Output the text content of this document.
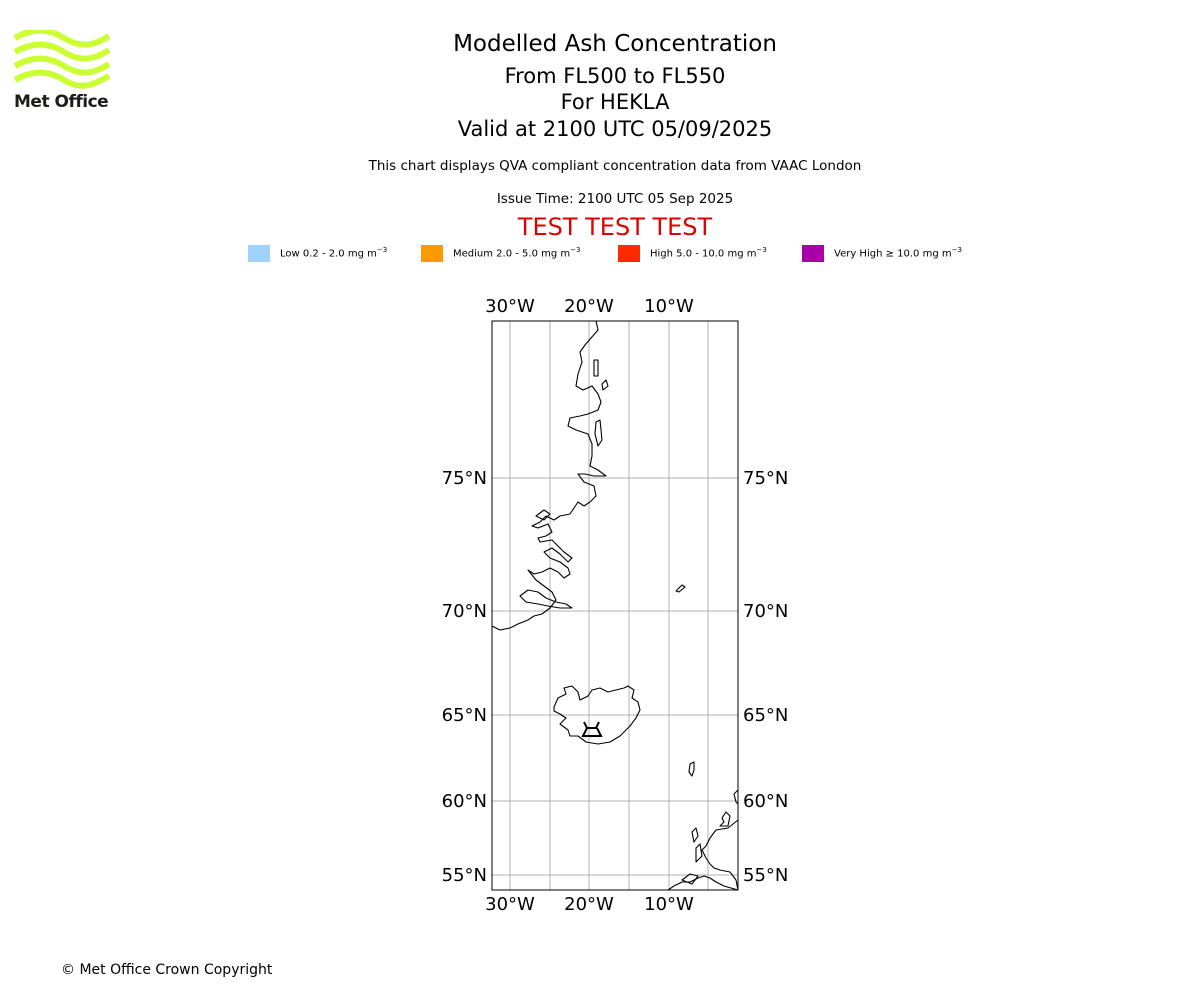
Met Office
Modelled Ash Concentration
From FL500 to FL550
For HEKLA
Valid at 2100 UTC 05/09/2025
This chart displays QVA compliant concentration data from VAAC London
Issue Time: 2100 UTC 05 Sep 2025
TEST TEST TEST
Low 0.2 - 2.0 mg $m^{-3}$	Medium 2.0 - 5.0 mg $m^{-3}$	High 5.0 - 10.0 mg $m^{-3}$	Very High ≥ 10.0 mg $m^{-3}$
30°W 20°W 10°W
30°W 20°W 10°W
75°N
70°N
65°N
60°N
55°N
75°N
70°N
65°N
60°N
55°N
© Met Office Crown Copyright
